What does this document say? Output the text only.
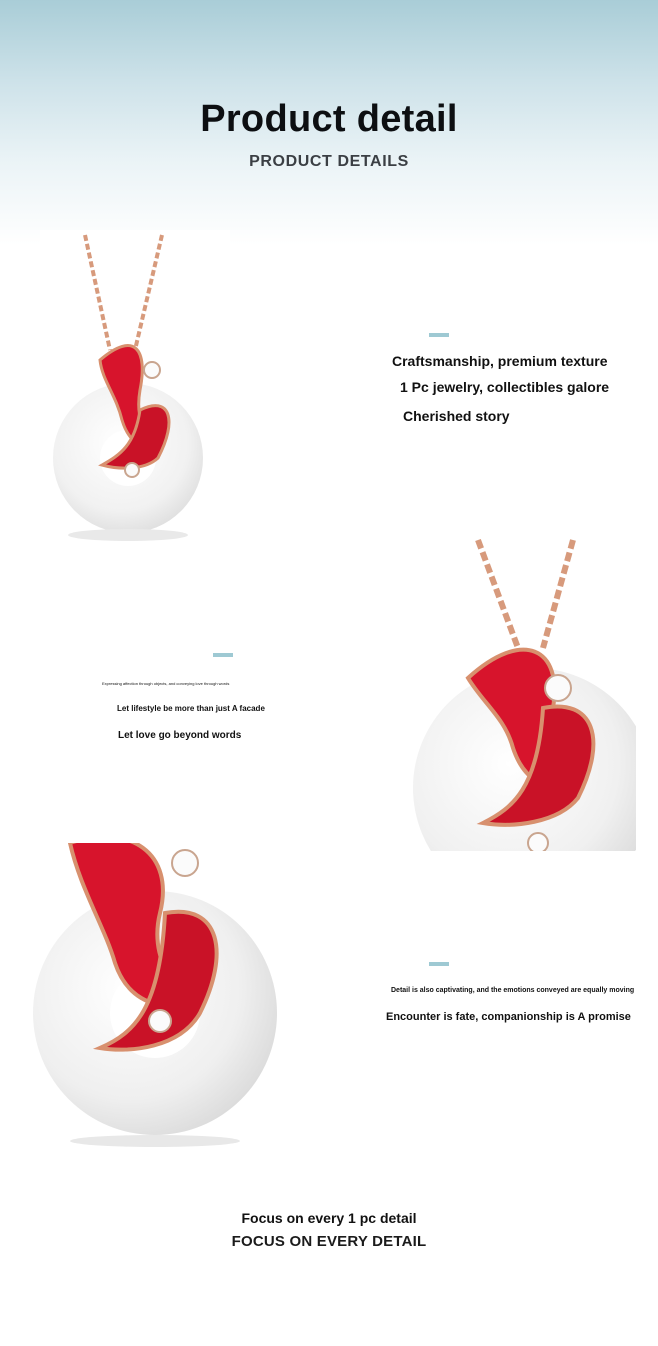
Product detail
PRODUCT DETAILS
Craftsmanship, premium texture
1 Pc jewelry, collectibles galore
Cherished story
Expressing affection through objects, and conveying love through words
Let lifestyle be more than just A facade
Let love go beyond words
Detail is also captivating, and the emotions conveyed are equally moving
Encounter is fate, companionship is A promise
Focus on every 1 pc detail
FOCUS ON EVERY DETAIL
